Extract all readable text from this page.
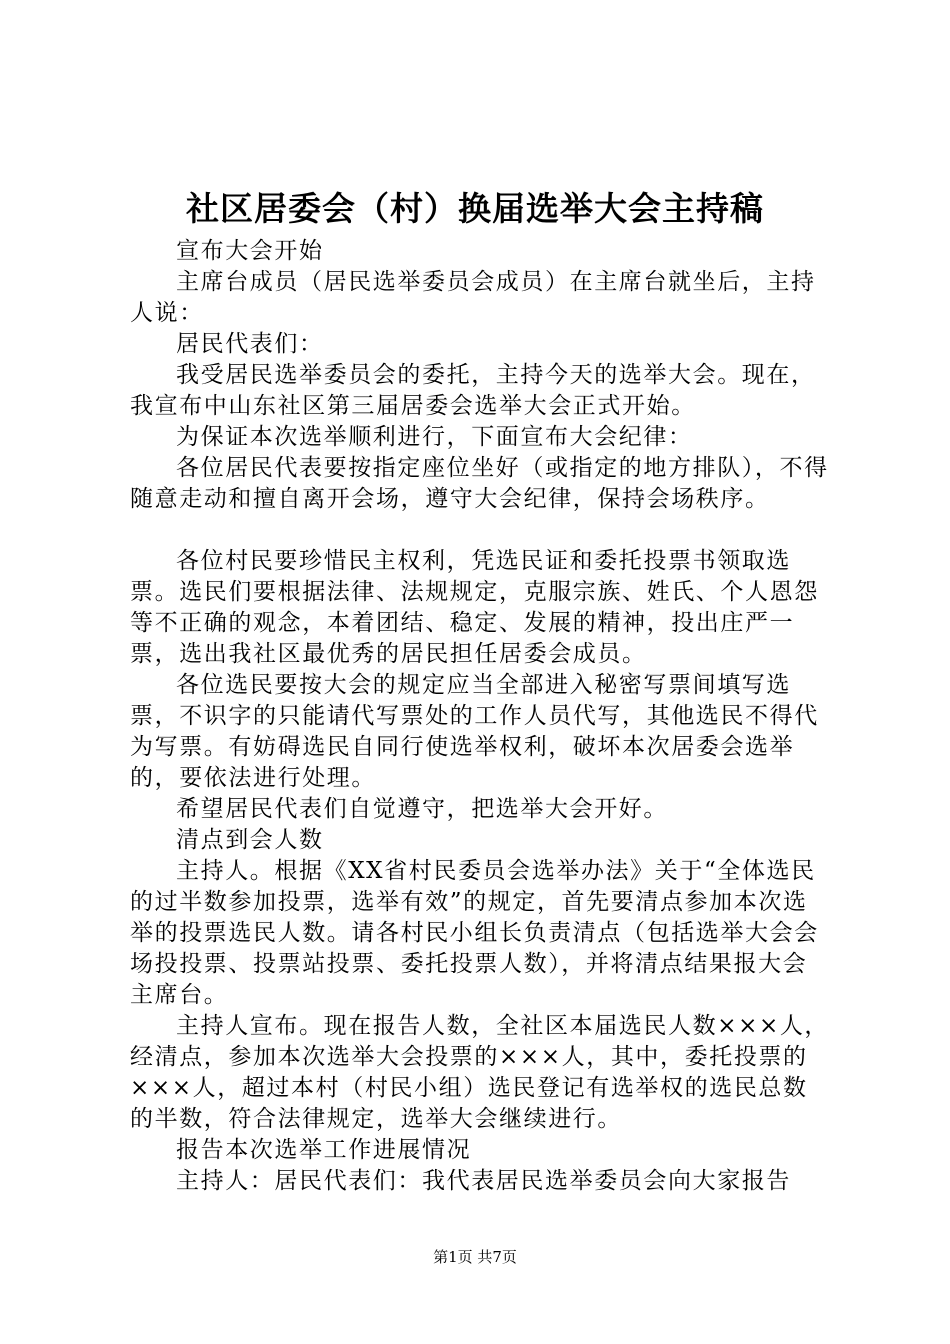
社区居委会（村）换届选举大会主持稿

宣布大会开始

主席台成员（居民选举委员会成员）在主席台就坐后，主持人说：

居民代表们：

我受居民选举委员会的委托，主持今天的选举大会。现在，我宣布中山东社区第三届居委会选举大会正式开始。

为保证本次选举顺利进行，下面宣布大会纪律：

各位居民代表要按指定座位坐好（或指定的地方排队），不得随意走动和擅自离开会场，遵守大会纪律，保持会场秩序。

各位村民要珍惜民主权利，凭选民证和委托投票书领取选票。选民们要根据法律、法规规定，克服宗族、姓氏、个人恩怨等不正确的观念，本着团结、稳定、发展的精神，投出庄严一票，选出我社区最优秀的居民担任居委会成员。

各位选民要按大会的规定应当全部进入秘密写票间填写选票，不识字的只能请代写票处的工作人员代写，其他选民不得代为写票。有妨碍选民自同行使选举权利，破坏本次居委会选举的，要依法进行处理。

希望居民代表们自觉遵守，把选举大会开好。

清点到会人数

主持人。根据《XX省村民委员会选举办法》关于“全体选民的过半数参加投票，选举有效”的规定，首先要清点参加本次选举的投票选民人数。请各村民小组长负责清点（包括选举大会会场投投票、投票站投票、委托投票人数），并将清点结果报大会主席台。

主持人宣布。现在报告人数，全社区本届选民人数×××人，经清点，参加本次选举大会投票的×××人，其中，委托投票的×××人，超过本村（村民小组）选民登记有选举权的选民总数的半数，符合法律规定，选举大会继续进行。

报告本次选举工作进展情况

主持人：居民代表们：我代表居民选举委员会向大家报告

第1页 共7页
